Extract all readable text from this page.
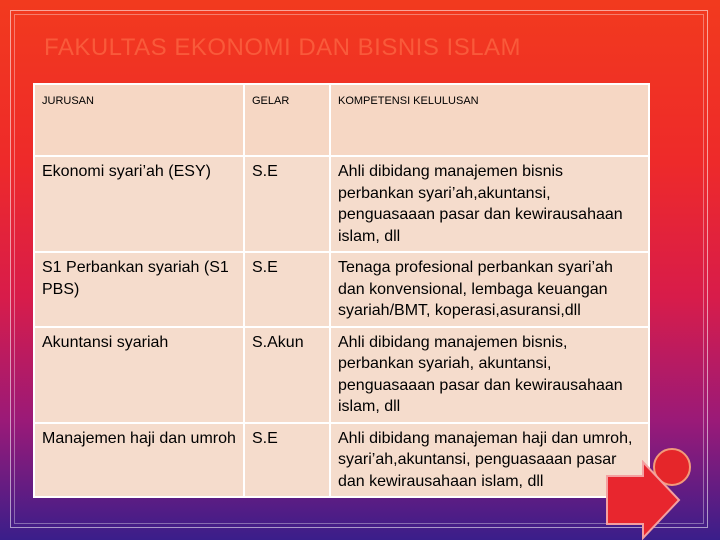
FAKULTAS EKONOMI DAN BISNIS ISLAM
JURUSAN	GELAR	KOMPETENSI KELULUSAN
Ekonomi syari’ah (ESY)	S.E	Ahli dibidang manajemen bisnis perbankan syari’ah,akuntansi, penguasaaan pasar dan kewirausahaan islam, dll
S1 Perbankan syariah (S1 PBS)	S.E	Tenaga profesional perbankan syari’ah dan konvensional, lembaga keuangan syariah/BMT, koperasi,asuransi,dll
Akuntansi syariah	S.Akun	Ahli dibidang manajemen bisnis, perbankan syariah, akuntansi, penguasaaan pasar dan kewirausahaan islam, dll
Manajemen haji dan umroh	S.E	Ahli dibidang manajeman haji dan umroh, syari’ah,akuntansi, penguasaaan pasar dan kewirausahaan islam, dll
